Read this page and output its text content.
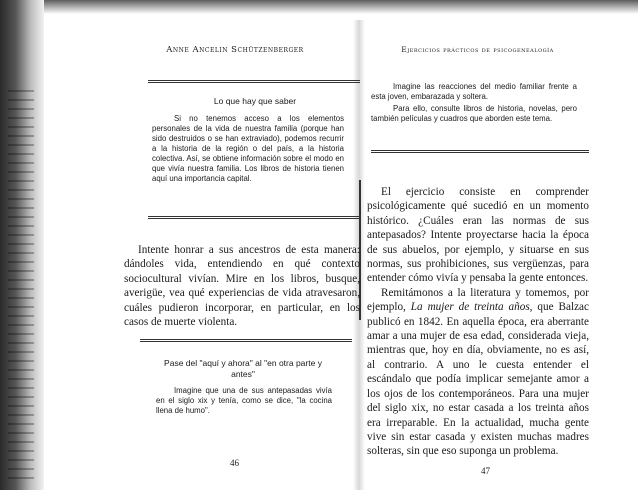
Anne Ancelin Schützenberger
Lo que hay que saber
Si no tenemos acceso a los elementos personales de la vida de nuestra familia (porque han sido destruidos o se han extraviado), podemos recurrir a la historia de la región o del país, a la historia colectiva. Así, se obtiene información sobre el modo en que vivía nuestra familia. Los libros de historia tienen aquí una importancia capital.

Intente honrar a sus ancestros de esta manera: dándoles vida, entendiendo en qué contexto sociocultural vivían. Mire en los libros, busque, averigüe, vea qué experiencias de vida atravesaron, cuáles pudieron incorporar, en particular, en los casos de muerte violenta.

Pase del "aquí y ahora" al "en otra parte y antes"
Imagine que una de sus antepasadas vivía en el siglo xix y tenía, como se dice, "la cocina llena de humo".
46
Ejercicios prácticos de psicogenealogía
Imagine las reacciones del medio familiar frente a esta joven, embarazada y soltera.
Para ello, consulte libros de historia, novelas, pero también películas y cuadros que aborden este tema.

El ejercicio consiste en comprender psicológicamente qué sucedió en un momento histórico. ¿Cuáles eran las normas de sus antepasados? Intente proyectarse hacia la época de sus abuelos, por ejemplo, y situarse en sus normas, sus prohibiciones, sus vergüenzas, para entender cómo vivía y pensaba la gente entonces.

Remitámonos a la literatura y tomemos, por ejemplo, La mujer de treinta años, que Balzac publicó en 1842. En aquella época, era aberrante amar a una mujer de esa edad, considerada vieja, mientras que, hoy en día, obviamente, no es así, al contrario. A uno le cuesta entender el escándalo que podía implicar semejante amor a los ojos de los contemporáneos. Para una mujer del siglo xix, no estar casada a los treinta años era irreparable. En la actualidad, mucha gente vive sin estar casada y existen muchas madres solteras, sin que eso suponga un problema.

47
